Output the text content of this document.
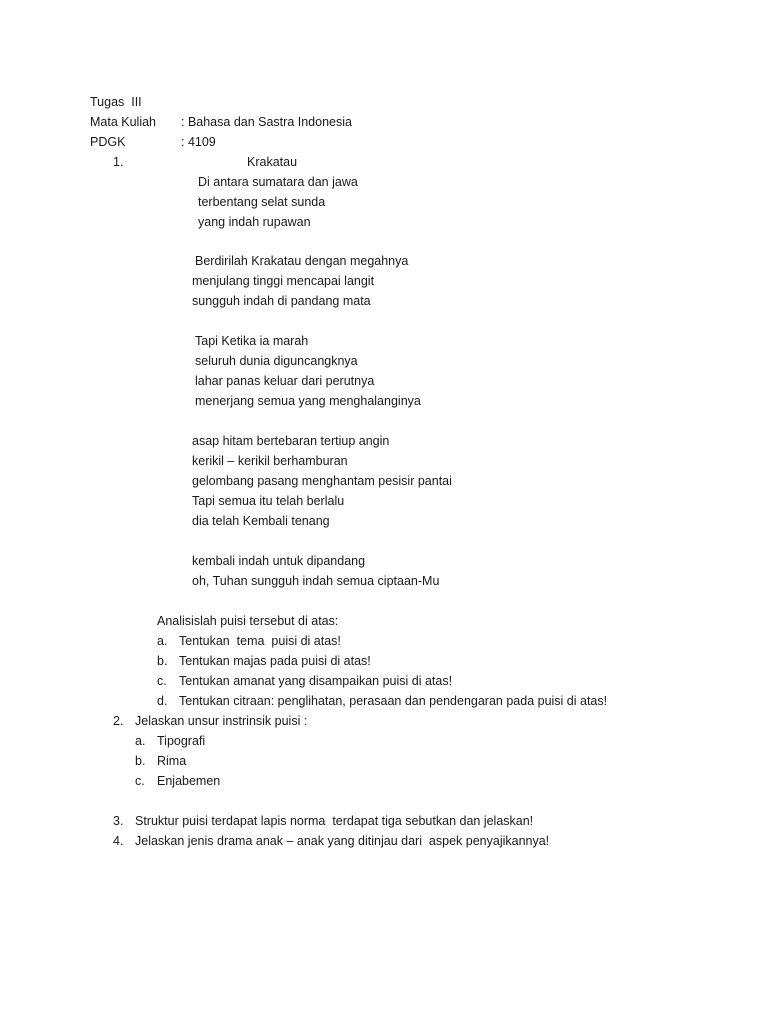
Tugas  III
Mata Kuliah : Bahasa dan Sastra Indonesia
PDGK	: 4109
1.	Krakatau
Di antara sumatara dan jawa
terbentang selat sunda
yang indah rupawan
Berdirilah Krakatau dengan megahnya
menjulang tinggi mencapai langit
sungguh indah di pandang mata
Tapi Ketika ia marah
seluruh dunia diguncangknya
lahar panas keluar dari perutnya
menerjang semua yang menghalanginya
asap hitam bertebaran tertiup angin
kerikil – kerikil berhamburan
gelombang pasang menghantam pesisir pantai
Tapi semua itu telah berlalu
dia telah Kembali tenang
kembali indah untuk dipandang
oh, Tuhan sungguh indah semua ciptaan-Mu
Analisislah puisi tersebut di atas:
a. Tentukan  tema  puisi di atas!
b. Tentukan majas pada puisi di atas!
c. Tentukan amanat yang disampaikan puisi di atas!
d. Tentukan citraan: penglihatan, perasaan dan pendengaran pada puisi di atas!
2. Jelaskan unsur instrinsik puisi :
a. Tipografi
b. Rima
c. Enjabemen
3. Struktur puisi terdapat lapis norma  terdapat tiga sebutkan dan jelaskan!
4. Jelaskan jenis drama anak – anak yang ditinjau dari  aspek penyajikannya!
